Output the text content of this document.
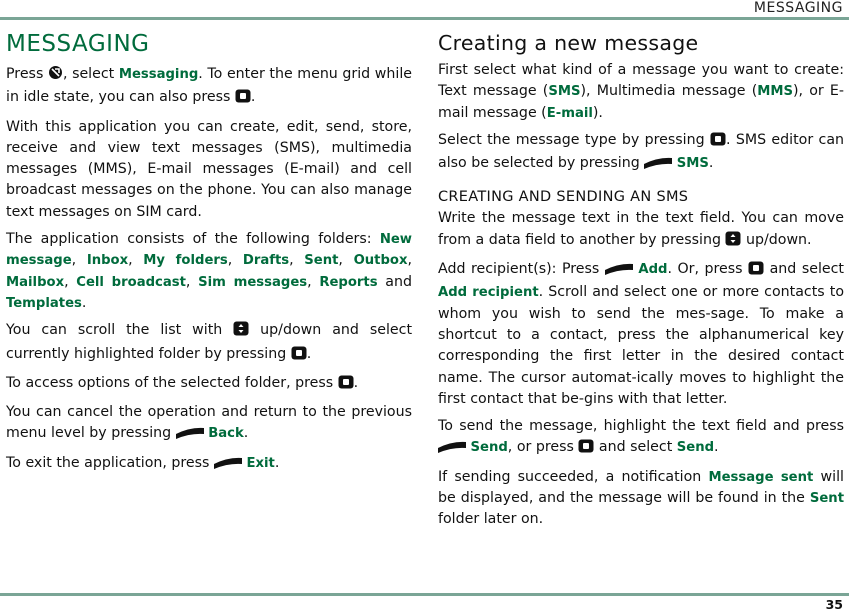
MESSAGING
MESSAGING

Press , select Messaging. To enter the menu grid while in idle state, you can also press .

With this application you can create, edit, send, store, receive and view text messages (SMS), multimedia messages (MMS), E-mail messages (E-mail) and cell broadcast messages on the phone. You can also manage text messages on SIM card.

The application consists of the following folders: New message, Inbox, My folders, Drafts, Sent, Outbox, Mailbox, Cell broadcast, Sim messages, Reports and Templates.

You can scroll the list with  up/down and select currently highlighted folder by pressing .

To access options of the selected folder, press .

You can cancel the operation and return to the previous menu level by pressing  Back.

To exit the application, press  Exit.

Creating a new message

First select what kind of a message you want to create: Text message (SMS), Multimedia message (MMS), or E-mail message (E-mail).

Select the message type by pressing . SMS editor can also be selected by pressing  SMS.

CREATING AND SENDING AN SMS

Write the message text in the text field. You can move from a data field to another by pressing  up/down.

Add recipient(s): Press	Add. Or, press  and select Add recipient. Scroll and select one or more contacts to whom you wish to send the mes-sage. To make a shortcut to a contact, press the alphanumerical key corresponding the first letter in the desired contact name. The cursor automat-ically moves to highlight the first contact that be-gins with that letter.

To send the message, highlight the text field and press  Send, or press  and select Send.

If sending succeeded, a notification Message sent will be displayed, and the message will be found in the Sent folder later on.

35
